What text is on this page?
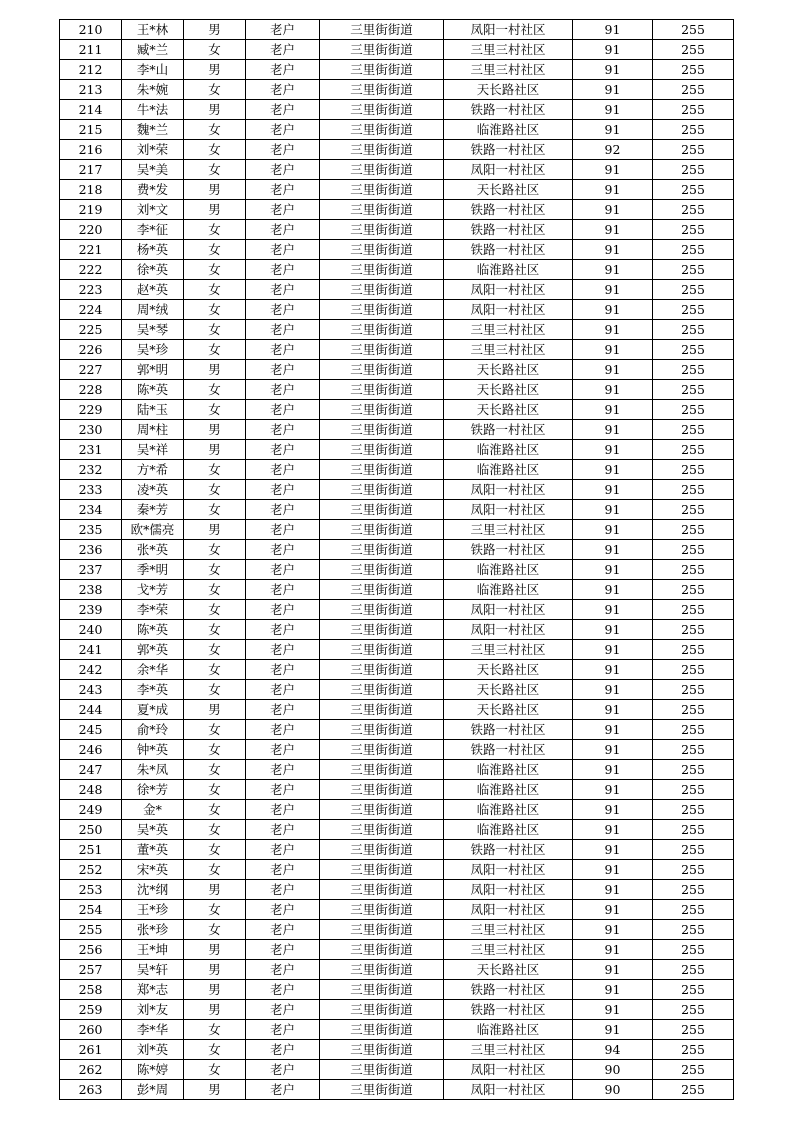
210	王*林	男	老户	三里街街道	凤阳一村社区	91	255
211	臧*兰	女	老户	三里街街道	三里三村社区	91	255
212	李*山	男	老户	三里街街道	三里三村社区	91	255
213	朱*婉	女	老户	三里街街道	天长路社区	91	255
214	牛*法	男	老户	三里街街道	铁路一村社区	91	255
215	魏*兰	女	老户	三里街街道	临淮路社区	91	255
216	刘*荣	女	老户	三里街街道	铁路一村社区	92	255
217	吴*美	女	老户	三里街街道	凤阳一村社区	91	255
218	费*发	男	老户	三里街街道	天长路社区	91	255
219	刘*文	男	老户	三里街街道	铁路一村社区	91	255
220	李*征	女	老户	三里街街道	铁路一村社区	91	255
221	杨*英	女	老户	三里街街道	铁路一村社区	91	255
222	徐*英	女	老户	三里街街道	临淮路社区	91	255
223	赵*英	女	老户	三里街街道	凤阳一村社区	91	255
224	周*绒	女	老户	三里街街道	凤阳一村社区	91	255
225	吴*琴	女	老户	三里街街道	三里三村社区	91	255
226	吴*珍	女	老户	三里街街道	三里三村社区	91	255
227	郭*明	男	老户	三里街街道	天长路社区	91	255
228	陈*英	女	老户	三里街街道	天长路社区	91	255
229	陆*玉	女	老户	三里街街道	天长路社区	91	255
230	周*柱	男	老户	三里街街道	铁路一村社区	91	255
231	吴*祥	男	老户	三里街街道	临淮路社区	91	255
232	方*希	女	老户	三里街街道	临淮路社区	91	255
233	凌*英	女	老户	三里街街道	凤阳一村社区	91	255
234	秦*芳	女	老户	三里街街道	凤阳一村社区	91	255
235	欧*儒亮	男	老户	三里街街道	三里三村社区	91	255
236	张*英	女	老户	三里街街道	铁路一村社区	91	255
237	季*明	女	老户	三里街街道	临淮路社区	91	255
238	戈*芳	女	老户	三里街街道	临淮路社区	91	255
239	李*荣	女	老户	三里街街道	凤阳一村社区	91	255
240	陈*英	女	老户	三里街街道	凤阳一村社区	91	255
241	郭*英	女	老户	三里街街道	三里三村社区	91	255
242	余*华	女	老户	三里街街道	天长路社区	91	255
243	李*英	女	老户	三里街街道	天长路社区	91	255
244	夏*成	男	老户	三里街街道	天长路社区	91	255
245	俞*玲	女	老户	三里街街道	铁路一村社区	91	255
246	钟*英	女	老户	三里街街道	铁路一村社区	91	255
247	朱*凤	女	老户	三里街街道	临淮路社区	91	255
248	徐*芳	女	老户	三里街街道	临淮路社区	91	255
249	金*	女	老户	三里街街道	临淮路社区	91	255
250	吴*英	女	老户	三里街街道	临淮路社区	91	255
251	董*英	女	老户	三里街街道	铁路一村社区	91	255
252	宋*英	女	老户	三里街街道	凤阳一村社区	91	255
253	沈*纲	男	老户	三里街街道	凤阳一村社区	91	255
254	王*珍	女	老户	三里街街道	凤阳一村社区	91	255
255	张*珍	女	老户	三里街街道	三里三村社区	91	255
256	王*坤	男	老户	三里街街道	三里三村社区	91	255
257	吴*轩	男	老户	三里街街道	天长路社区	91	255
258	郑*志	男	老户	三里街街道	铁路一村社区	91	255
259	刘*友	男	老户	三里街街道	铁路一村社区	91	255
260	李*华	女	老户	三里街街道	临淮路社区	91	255
261	刘*英	女	老户	三里街街道	三里三村社区	94	255
262	陈*婷	女	老户	三里街街道	凤阳一村社区	90	255
263	彭*周	男	老户	三里街街道	凤阳一村社区	90	255
